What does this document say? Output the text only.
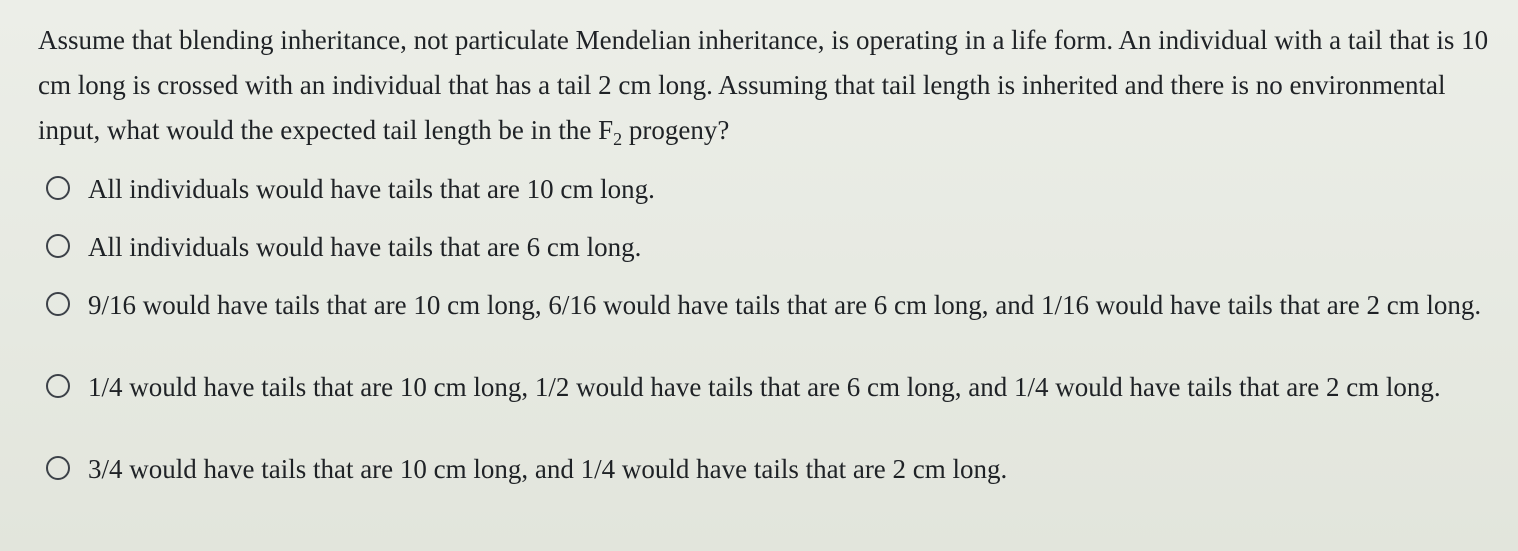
Assume that blending inheritance, not particulate Mendelian inheritance, is operating in a life form. An individual with a tail that is 10 cm long is crossed with an individual that has a tail 2 cm long. Assuming that tail length is inherited and there is no environmental input, what would the expected tail length be in the $F_2$ progeny?

All individuals would have tails that are 10 cm long.
All individuals would have tails that are 6 cm long.
9/16 would have tails that are 10 cm long, 6/16 would have tails that are 6 cm long, and 1/16 would have tails that are 2 cm long.
1/4 would have tails that are 10 cm long, 1/2 would have tails that are 6 cm long, and 1/4 would have tails that are 2 cm long.
3/4 would have tails that are 10 cm long, and 1/4 would have tails that are 2 cm long.
